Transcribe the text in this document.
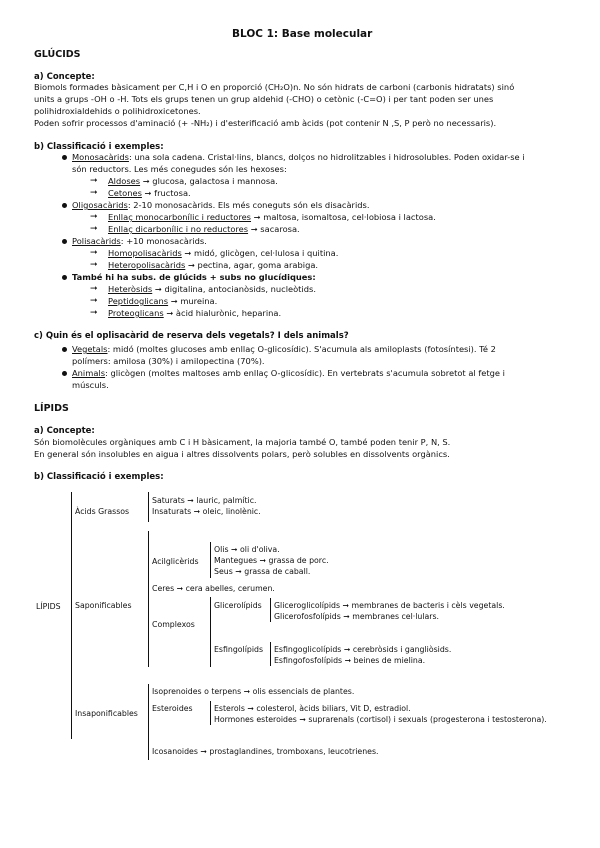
BLOC 1: Base molecular
GLÚCIDS
a) Concepte:
Biomols formades bàsicament per C,H i O en proporció (CH₂O)n. No són hidrats de carboni (carbonis hidratats) sinó
units a grups -OH o -H. Tots els grups tenen un grup aldehid (-CHO) o cetònic (-C=O) i per tant poden ser unes
polihidroxialdehids o polihidroxicetones.
Poden sofrir processos d'aminació (+ -NH₂) i d'esterificació amb àcids (pot contenir N ,S, P però no necessaris).
b) Classificació i exemples:
Monosacàrids: una sola cadena. Cristal·lins, blancs, dolços no hidrolitzables i hidrosolubles. Poden oxidar-se i
són reductors. Les més conegudes són les hexoses:
➞ Aldoses ➞ glucosa, galactosa i mannosa.
➞ Cetones ➞ fructosa.
Oligosacàrids: 2-10 monosacàrids. Els més coneguts són els disacàrids.
➞ Enllaç monocarbonílic i reductores ➞ maltosa, isomaltosa, cel·lobiosa i lactosa.
➞ Enllaç dicarbonílic i no reductores ➞ sacarosa.
Polisacàrids: +10 monosacàrids.
➞ Homopolisacàrids ➞ midó, glicògen, cel·lulosa i quitina.
➞ Heteropolisacàrids ➞ pectina, agar, goma arabiga.
També hi ha subs. de glúcids + subs no glucídiques:
➞ Heteròsids ➞ digitalina, antocianòsids, nucleòtids.
➞ Peptidoglicans ➞ mureina.
➞ Proteoglicans ➞ àcid hialurònic, heparina.
c) Quin és el oplisacàrid de reserva dels vegetals? I dels animals?
Vegetals: midó (moltes glucoses amb enllaç O-glicosídic). S'acumula als amiloplasts (fotosíntesi). Té 2
polímers: amilosa (30%) i amilopectina (70%).
Animals: glicògen (moltes maltoses amb enllaç O-glicosídic). En vertebrats s'acumula sobretot al fetge i
músculs.
LÍPIDS
a) Concepte:
Són biomolècules orgàniques amb C i H bàsicament, la majoria també O, també poden tenir P, N, S.
En general són insolubles en aigua i altres dissolvents polars, però solubles en dissolvents orgànics.
b) Classificació i exemples:
LÍPIDS
Àcids Grassos
Saturats ➞ lauric, palmític.
Insaturats ➞ oleic, linolènic.
Saponificables
Acilglicèrids
Olis ➞ oli d'oliva.
Mantegues ➞ grassa de porc.
Seus ➞ grassa de caball.
Ceres ➞ cera abelles, cerumen.
Complexos
Glicerolípids Gliceroglicolípids ➞ membranes de bacteris i cèls vegetals.
Glicerofosfolípids ➞ membranes cel·lulars.
Esfingolípids Esfingoglicolípids ➞ cerebròsids i gangliòsids.
Esfingofosfolípids ➞ beines de mielina.
Insaponificables
Isoprenoides o terpens ➞ olis essencials de plantes.
Esteroides	Esterols ➞ colesterol, àcids biliars, Vit D, estradiol.
Hormones esteroides ➞ suprarenals (cortisol) i sexuals (progesterona i testosterona).
Icosanoides ➞ prostaglandines, tromboxans, leucotrienes.
